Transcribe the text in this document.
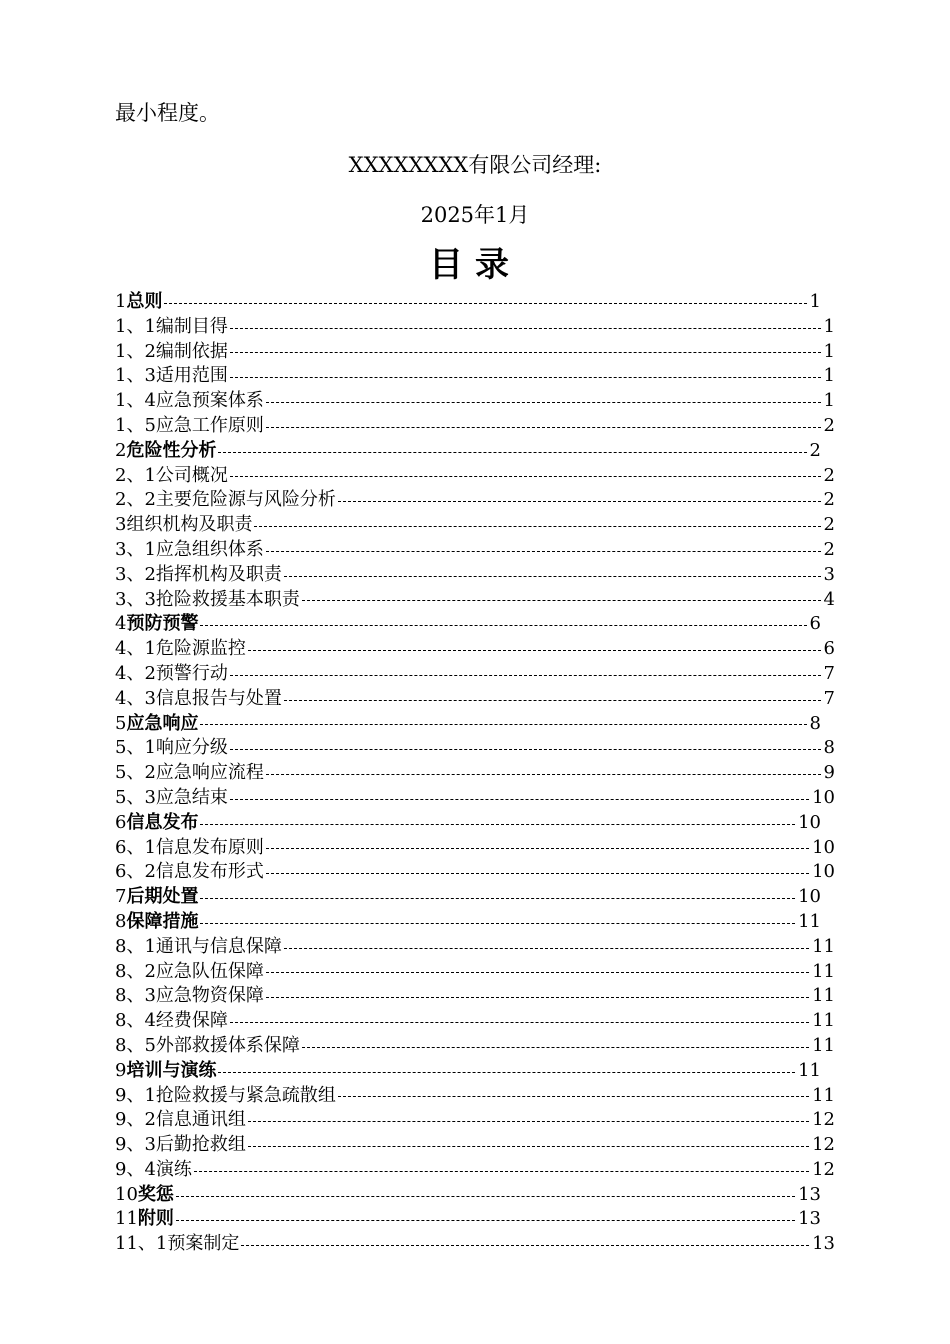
最小程度。
XXXXXXXX有限公司经理:
2025年1月
目录
1 总则	1
1、1 编制目得	1
1、2 编制依据	1
1、3 适用范围	1
1、4 应急预案体系	1
1、5 应急工作原则	2
2 危险性分析	2
2、1 公司概况	2
2、2 主要危险源与风险分析	2
3 组织机构及职责	2
3、1 应急组织体系	2
3、2 指挥机构及职责	3
3、3 抢险救援基本职责	4
4 预防预警	6
4、1 危险源监控	6
4、2 预警行动	7
4、3 信息报告与处置	7
5 应急响应	8
5、1 响应分级	8
5、2 应急响应流程	9
5、3 应急结束	10
6 信息发布	10
6、1 信息发布原则	10
6、2 信息发布形式	10
7 后期处置	10
8 保障措施	11
8、1 通讯与信息保障	11
8、2 应急队伍保障	11
8、3 应急物资保障	11
8、4 经费保障	11
8、5 外部救援体系保障	11
9 培训与演练	11
9、1 抢险救援与紧急疏散组	11
9、2 信息通讯组	12
9、3 后勤抢救组	12
9、4 演练	12
10 奖惩	13
11 附则	13
11、1 预案制定	13
